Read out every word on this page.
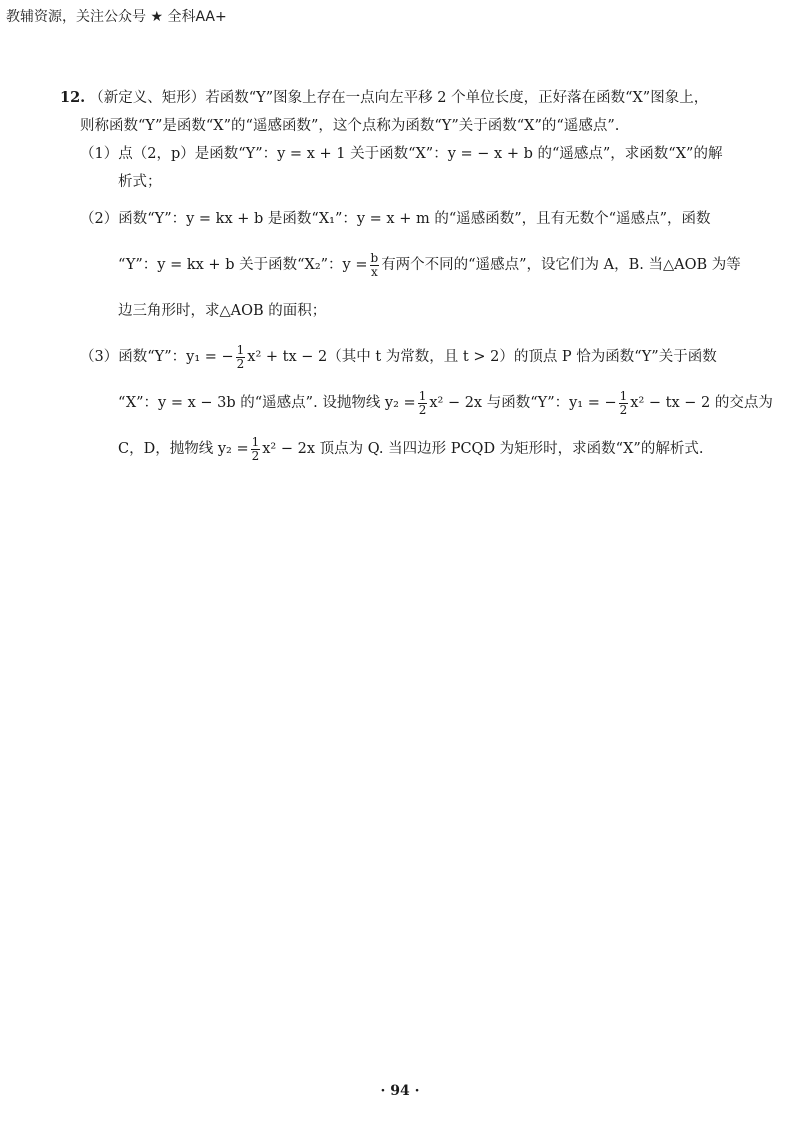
教辅资源，关注公众号 ★ 全科AA+
12. （新定义、矩形）若函数“Y”图象上存在一点向左平移 2 个单位长度，正好落在函数“X”图象上，
则称函数“Y”是函数“X”的“遥感函数”，这个点称为函数“Y”关于函数“X”的“遥感点”.
（1）点（2，p）是函数“Y”：y = x + 1 关于函数“X”：y = − x + b 的“遥感点”，求函数“X”的解
析式；
（2）函数“Y”：y = kx + b 是函数“X₁”：y = x + m 的“遥感函数”，且有无数个“遥感点”，函数
“Y”：y = kx + b 关于函数“X₂”：$y = \frac{b}{x}$ 有两个不同的“遥感点”，设它们为 A，B. 当△AOB 为等
边三角形时，求△AOB 的面积；
（3）函数“Y”：y₁ = − $\frac{1}{2} x^2$ + tx − 2（其中 t 为常数，且 t > 2）的顶点 P 恰为函数“Y”关于函数
“X”：y = x − 3b 的“遥感点”. 设抛物线 $y_2 = \frac{1}{2} x^2 - 2x$ 与函数“Y”：y₁ = − $\frac{1}{2} x^2$ − tx − 2 的交点为
C，D，抛物线 $y_2 = \frac{1}{2} x^2 - 2x$ 顶点为 Q. 当四边形 PCQD 为矩形时，求函数“X”的解析式.
· 94 ·
